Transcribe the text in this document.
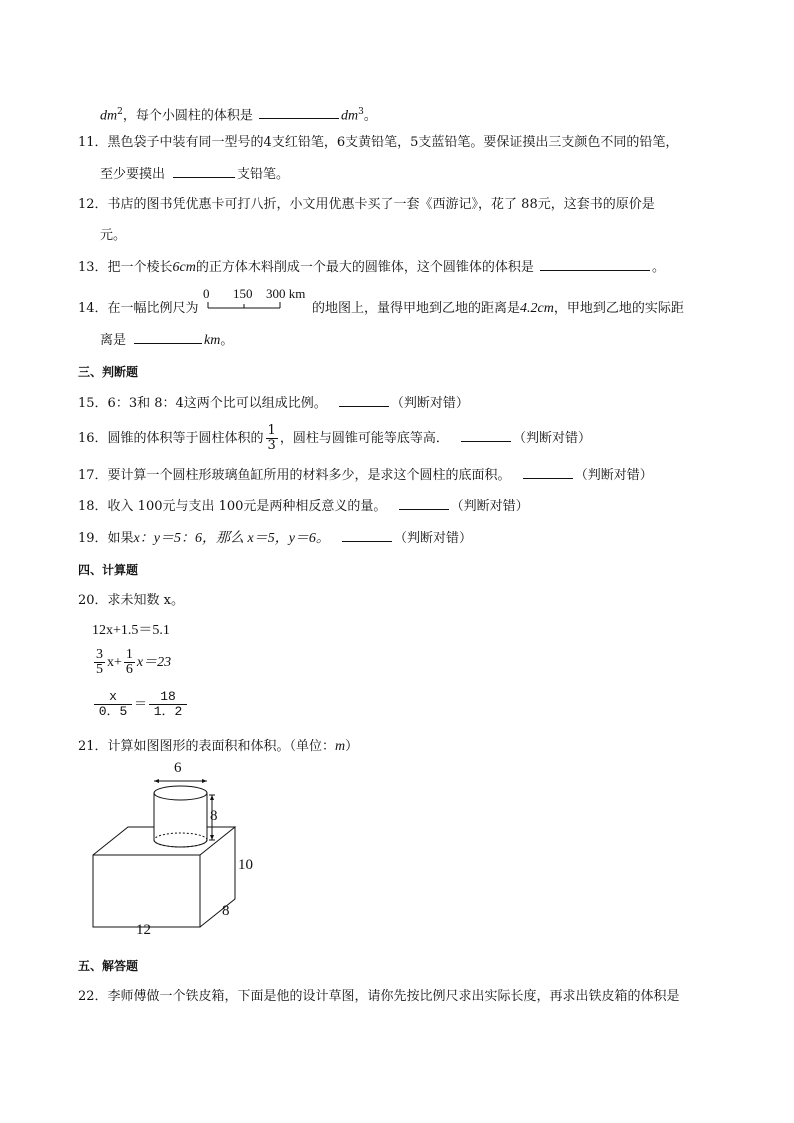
$dm^2$，每个小圆柱的体积是	$dm^3$。
11．黑色袋子中装有同一型号的4支红铅笔，6支黄铅笔，5支蓝铅笔。要保证摸出三支颜色不同的铅笔，
至少要摸出	支铅笔。
12．书店的图书凭优惠卡可打八折，小文用优惠卡买了一套《西游记》，花了 88元，这套书的原价是
元。
13．把一个棱长6cm的正方体木料削成一个最大的圆锥体，这个圆锥体的体积是	。
14．在一幅比例尺为
0 150 300 km
的地图上，量得甲地到乙地的距离是4.2cm，甲地到乙地的实际距
离是	km。
三、判断题
15．6：3和 8：4这两个比可以组成比例。	（判断对错）
16．圆锥的体积等于圆柱体积的 $\frac{1}{3}$ ，圆柱与圆锥可能等底等高．	（判断对错）
17．要计算一个圆柱形玻璃鱼缸所用的材料多少，是求这个圆柱的底面积。	（判断对错）
18．收入 100元与支出 100元是两种相反意义的量。	（判断对错）
19．如果x：y＝5：6，那么 x＝5，y＝6。	（判断对错）
四、计算题
20．求未知数 x。
12x+1.5＝5.1
$\frac{3}{5} x+ \frac{1}{6} x=23$
$\frac{x}{0.5} = \frac{18}{1.2}$
21．计算如图图形的表面积和体积。（单位：m）
6
8
10
8
12
五、解答题
22．李师傅做一个铁皮箱，下面是他的设计草图，请你先按比例尺求出实际长度，再求出铁皮箱的体积是
